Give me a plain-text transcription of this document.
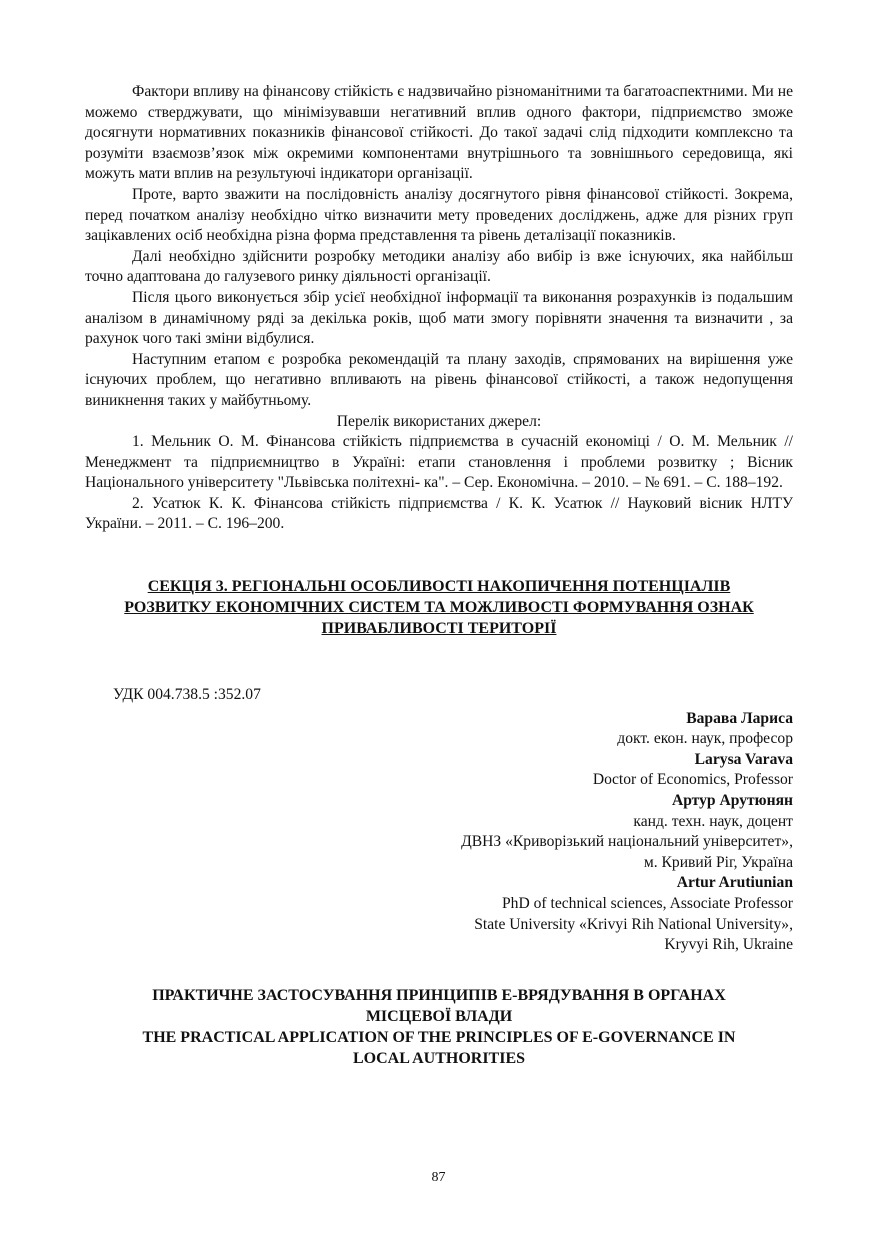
Фактори впливу на фінансову стійкість є надзвичайно різноманітними та багатоаспектними. Ми не можемо стверджувати, що мінімізувавши негативний вплив одного фактори, підприємство зможе досягнути нормативних показників фінансової стійкості. До такої задачі слід підходити комплексно та розуміти взаємозв’язок між окремими компонентами внутрішнього та зовнішнього середовища, які можуть мати вплив на результуючі індикатори організації.

Проте, варто зважити на послідовність аналізу досягнутого рівня фінансової стійкості. Зокрема, перед початком аналізу необхідно чітко визначити мету проведених досліджень, адже для різних груп зацікавлених осіб необхідна різна форма представлення та рівень деталізації показників.

Далі необхідно здійснити розробку методики аналізу або вибір із вже існуючих, яка найбільш точно адаптована до галузевого ринку діяльності організації.

Після цього виконується збір усієї необхідної інформації та виконання розрахунків із подальшим аналізом в динамічному ряді за декілька років, щоб мати змогу порівняти значення та визначити , за рахунок чого такі зміни відбулися.

Наступним етапом є розробка рекомендацій та плану заходів, спрямованих на вирішення уже існуючих проблем, що негативно впливають на рівень фінансової стійкості, а також недопущення виникнення таких у майбутньому.

Перелік використаних джерел:

1. Мельник О. М. Фінансова стійкість підприємства в сучасній економіці / О. М. Мельник // Менеджмент та підприємництво в Україні: етапи становлення і проблеми розвитку ; Вісник Національного університету "Львівська політехні- ка". – Сер. Економічна. – 2010. – № 691. – С. 188–192.

2. Усатюк К. К. Фінансова стійкість підприємства / К. К. Усатюк // Науковий вісник НЛТУ України. – 2011. – С. 196–200.

СЕКЦІЯ 3. РЕГІОНАЛЬНІ ОСОБЛИВОСТІ НАКОПИЧЕННЯ ПОТЕНЦІАЛІВ
РОЗВИТКУ ЕКОНОМІЧНИХ СИСТЕМ ТА МОЖЛИВОСТІ ФОРМУВАННЯ ОЗНАК
ПРИВАБЛИВОСТІ ТЕРИТОРІЇ
УДК 004.738.5 :352.07
Варава Лариса
докт. екон. наук, професор
Larysa Varava
Doctor of Economics, Professor
Артур Арутюнян
канд. техн. наук, доцент
ДВНЗ «Криворізький національний університет»,
м. Кривий Ріг, Україна
Artur Arutiunian
PhD of technical sciences, Associate Professor
State University «Krivyi Rih National University»,
Kryvyi Rih, Ukraine
ПРАКТИЧНЕ ЗАСТОСУВАННЯ ПРИНЦИПІВ Е-ВРЯДУВАННЯ В ОРГАНАХ
МІСЦЕВОЇ ВЛАДИ
THE PRACTICAL APPLICATION OF THE PRINCIPLES OF E-GOVERNANCE IN
LOCAL AUTHORITIES
87
